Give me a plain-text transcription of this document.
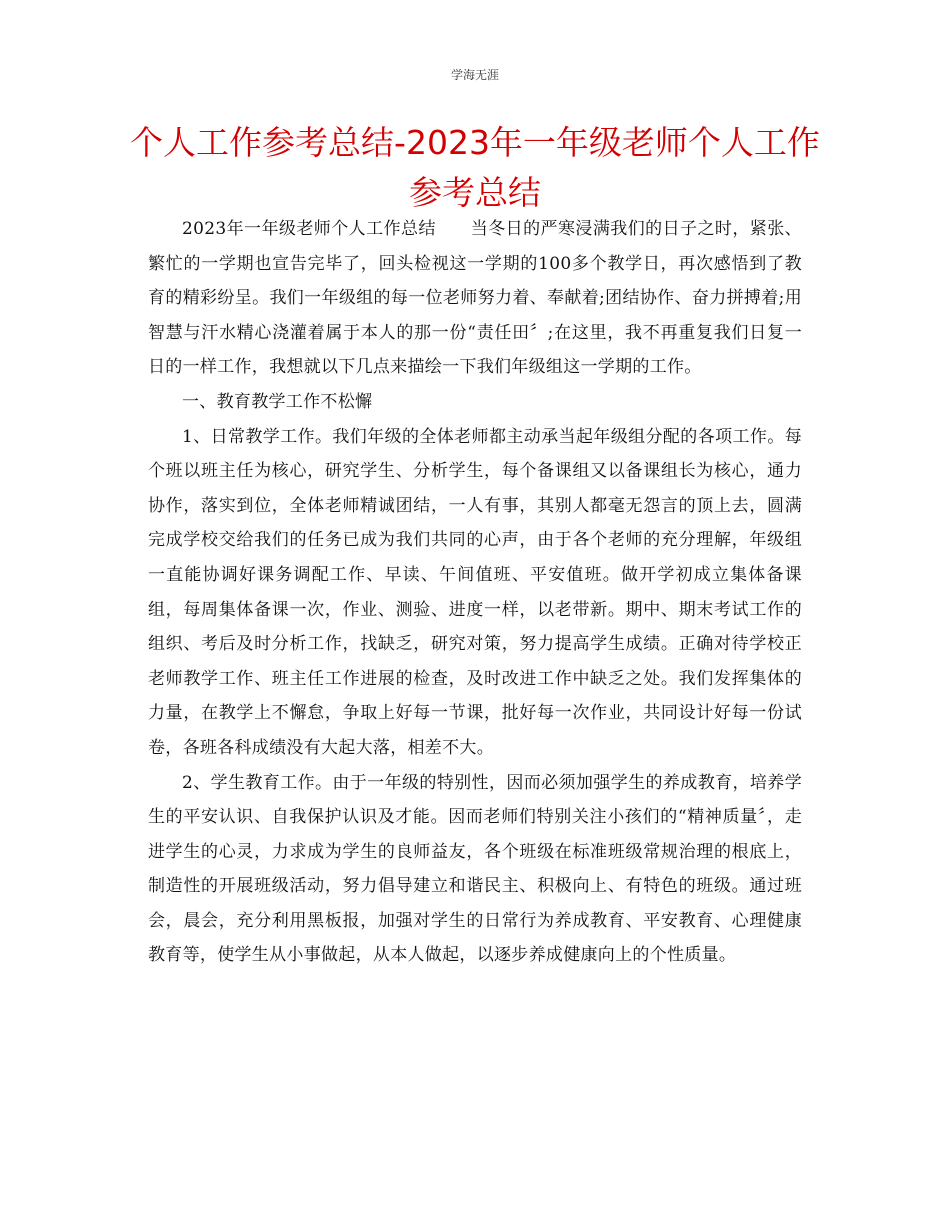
学海无涯
个人工作参考总结-2023年一年级老师个人工作参考总结

2023年一年级老师个人工作总结　　当冬日的严寒浸满我们的日子之时，紧张、繁忙的一学期也宣告完毕了，回头检视这一学期的100多个教学日，再次感悟到了教育的精彩纷呈。我们一年级组的每一位老师努力着、奉献着;团结协作、奋力拼搏着;用智慧与汗水精心浇灌着属于本人的那一份“责任田〞;在这里，我不再重复我们日复一日的一样工作，我想就以下几点来描绘一下我们年级组这一学期的工作。

一、教育教学工作不松懈

1、日常教学工作。我们年级的全体老师都主动承当起年级组分配的各项工作。每个班以班主任为核心，研究学生、分析学生，每个备课组又以备课组长为核心，通力协作，落实到位，全体老师精诚团结，一人有事，其别人都毫无怨言的顶上去，圆满完成学校交给我们的任务已成为我们共同的心声，由于各个老师的充分理解，年级组一直能协调好课务调配工作、早读、午间值班、平安值班。做开学初成立集体备课组，每周集体备课一次，作业、测验、进度一样，以老带新。期中、期末考试工作的组织、考后及时分析工作，找缺乏，研究对策，努力提高学生成绩。正确对待学校正老师教学工作、班主任工作进展的检查，及时改进工作中缺乏之处。我们发挥集体的力量，在教学上不懈怠，争取上好每一节课，批好每一次作业，共同设计好每一份试卷，各班各科成绩没有大起大落，相差不大。

2、学生教育工作。由于一年级的特别性，因而必须加强学生的养成教育，培养学生的平安认识、自我保护认识及才能。因而老师们特别关注小孩们的“精神质量〞，走进学生的心灵，力求成为学生的良师益友，各个班级在标准班级常规治理的根底上，制造性的开展班级活动，努力倡导建立和谐民主、积极向上、有特色的班级。通过班会，晨会，充分利用黑板报，加强对学生的日常行为养成教育、平安教育、心理健康教育等，使学生从小事做起，从本人做起，以逐步养成健康向上的个性质量。
